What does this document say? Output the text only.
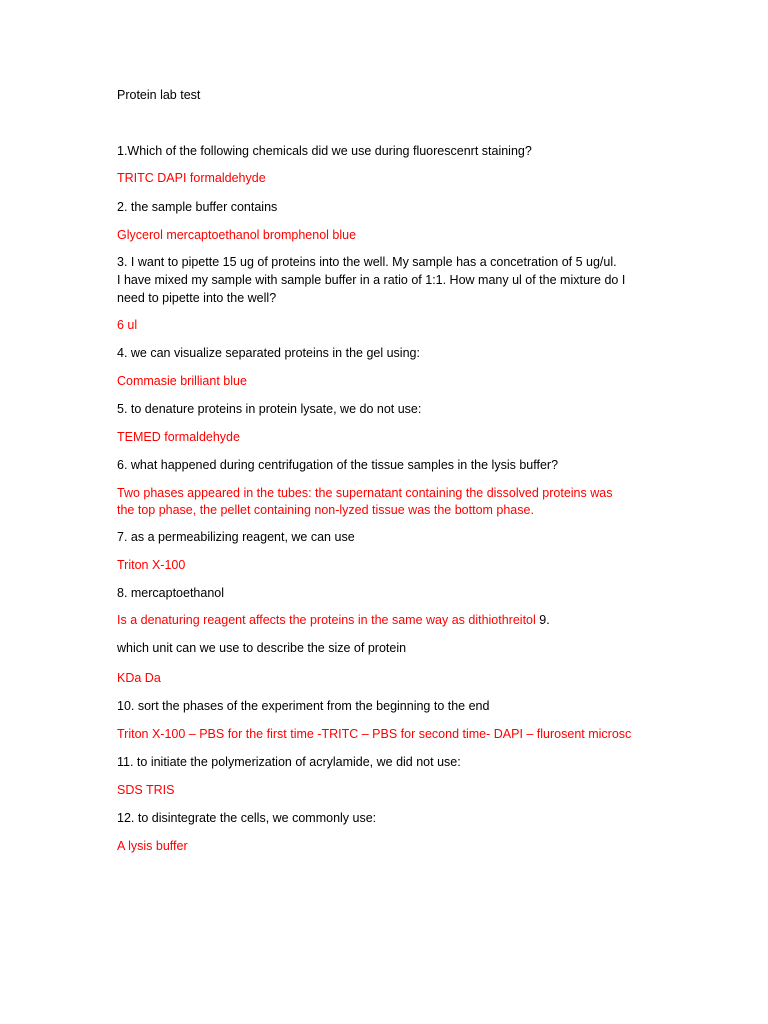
Protein lab test

1.Which of the following chemicals did we use during fluorescenrt staining?

TRITC DAPI formaldehyde

2. the sample buffer contains

Glycerol mercaptoethanol bromphenol blue

3. I want to pipette 15 ug of proteins into the well. My sample has a concetration of 5 ug/ul.

I have mixed my sample with sample buffer in a ratio of 1:1. How many ul of the mixture do I

need to pipette into the well?

6 ul

4. we can visualize separated proteins in the gel using:

Commasie brilliant blue

5. to denature proteins in protein lysate, we do not use:

TEMED formaldehyde

6. what happened during centrifugation of the tissue samples in the lysis buffer?

Two phases appeared in the tubes: the supernatant containing the dissolved proteins was

the top phase, the pellet containing non-lyzed tissue was the bottom phase.

7. as a permeabilizing reagent, we can use

Triton X-100

8. mercaptoethanol

Is a denaturing reagent affects the proteins in the same way as dithiothreitol 9.

which unit can we use to describe the size of protein

KDa Da

10. sort the phases of the experiment from the beginning to the end

Triton X-100 – PBS for the first time -TRITC – PBS for second time- DAPI – flurosent microsc

11. to initiate the polymerization of acrylamide, we did not use:

SDS TRIS

12. to disintegrate the cells, we commonly use:

A lysis buffer
